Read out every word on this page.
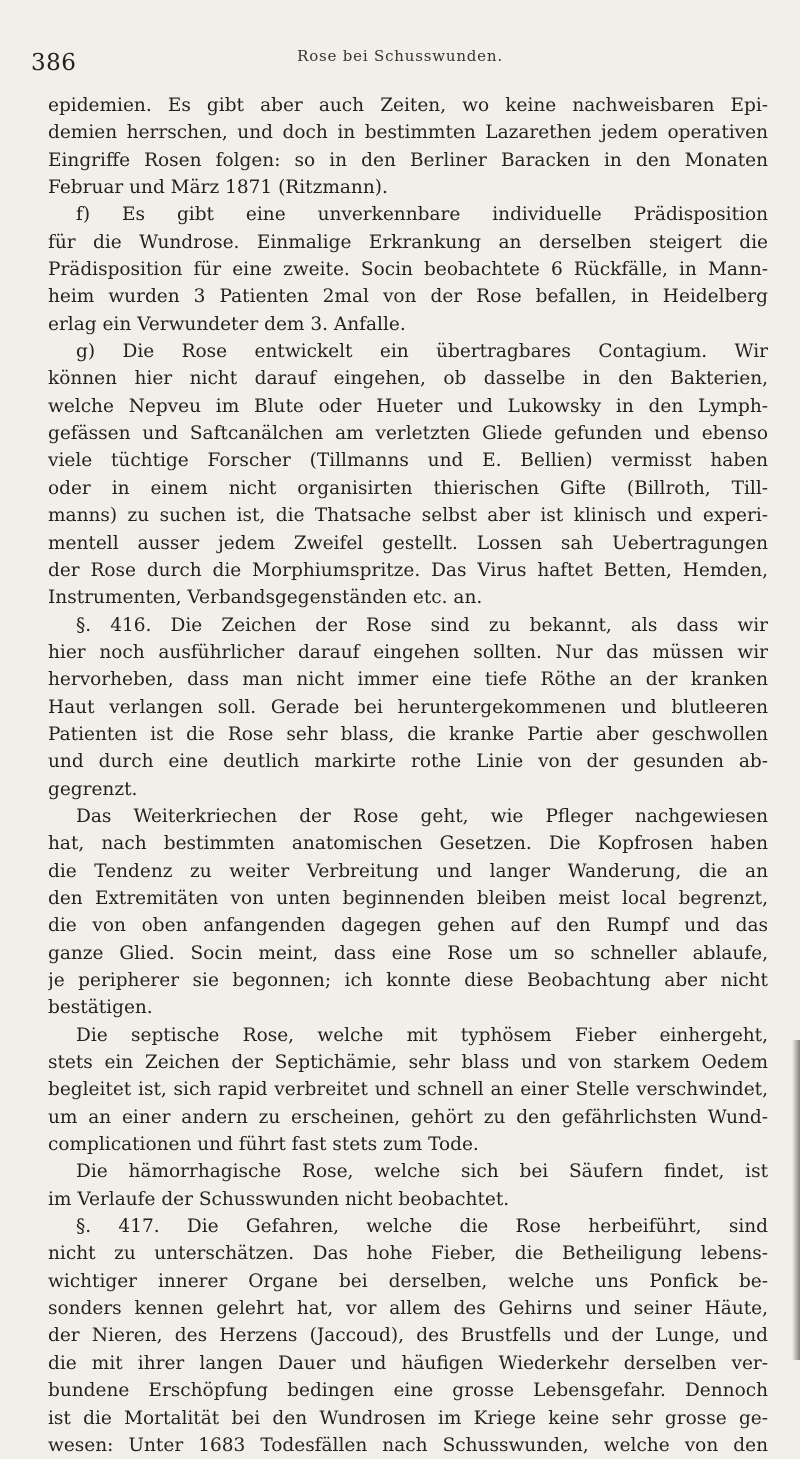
386	Rose bei Schusswunden.
epidemien. Es gibt aber auch Zeiten, wo keine nachweisbaren Epi-
demien herrschen, und doch in bestimmten Lazarethen jedem operativen
Eingriffe Rosen folgen: so in den Berliner Baracken in den Monaten
Februar und März 1871 (Ritzmann).
f) Es gibt eine unverkennbare individuelle Prädisposition
für die Wundrose. Einmalige Erkrankung an derselben steigert die
Prädisposition für eine zweite. Socin beobachtete 6 Rückfälle, in Mann-
heim wurden 3 Patienten 2mal von der Rose befallen, in Heidelberg
erlag ein Verwundeter dem 3. Anfalle.
g) Die Rose entwickelt ein übertragbares Contagium. Wir
können hier nicht darauf eingehen, ob dasselbe in den Bakterien,
welche Nepveu im Blute oder Hueter und Lukowsky in den Lymph-
gefässen und Saftcanälchen am verletzten Gliede gefunden und ebenso
viele tüchtige Forscher (Tillmanns und E. Bellien) vermisst haben
oder in einem nicht organisirten thierischen Gifte (Billroth, Till-
manns) zu suchen ist, die Thatsache selbst aber ist klinisch und experi-
mentell ausser jedem Zweifel gestellt. Lossen sah Uebertragungen
der Rose durch die Morphiumspritze. Das Virus haftet Betten, Hemden,
Instrumenten, Verbandsgegenständen etc. an.
§. 416. Die Zeichen der Rose sind zu bekannt, als dass wir
hier noch ausführlicher darauf eingehen sollten. Nur das müssen wir
hervorheben, dass man nicht immer eine tiefe Röthe an der kranken
Haut verlangen soll. Gerade bei heruntergekommenen und blutleeren
Patienten ist die Rose sehr blass, die kranke Partie aber geschwollen
und durch eine deutlich markirte rothe Linie von der gesunden ab-
gegrenzt.
Das Weiterkriechen der Rose geht, wie Pfleger nachgewiesen
hat, nach bestimmten anatomischen Gesetzen. Die Kopfrosen haben
die Tendenz zu weiter Verbreitung und langer Wanderung, die an
den Extremitäten von unten beginnenden bleiben meist local begrenzt,
die von oben anfangenden dagegen gehen auf den Rumpf und das
ganze Glied. Socin meint, dass eine Rose um so schneller ablaufe,
je peripherer sie begonnen; ich konnte diese Beobachtung aber nicht
bestätigen.
Die septische Rose, welche mit typhösem Fieber einhergeht,
stets ein Zeichen der Septichämie, sehr blass und von starkem Oedem
begleitet ist, sich rapid verbreitet und schnell an einer Stelle verschwindet,
um an einer andern zu erscheinen, gehört zu den gefährlichsten Wund-
complicationen und führt fast stets zum Tode.
Die hämorrhagische Rose, welche sich bei Säufern findet, ist
im Verlaufe der Schusswunden nicht beobachtet.
§. 417. Die Gefahren, welche die Rose herbeiführt, sind
nicht zu unterschätzen. Das hohe Fieber, die Betheiligung lebens-
wichtiger innerer Organe bei derselben, welche uns Ponfick be-
sonders kennen gelehrt hat, vor allem des Gehirns und seiner Häute,
der Nieren, des Herzens (Jaccoud), des Brustfells und der Lunge, und
die mit ihrer langen Dauer und häufigen Wiederkehr derselben ver-
bundene Erschöpfung bedingen eine grosse Lebensgefahr. Dennoch
ist die Mortalität bei den Wundrosen im Kriege keine sehr grosse ge-
wesen: Unter 1683 Todesfällen nach Schusswunden, welche von den
